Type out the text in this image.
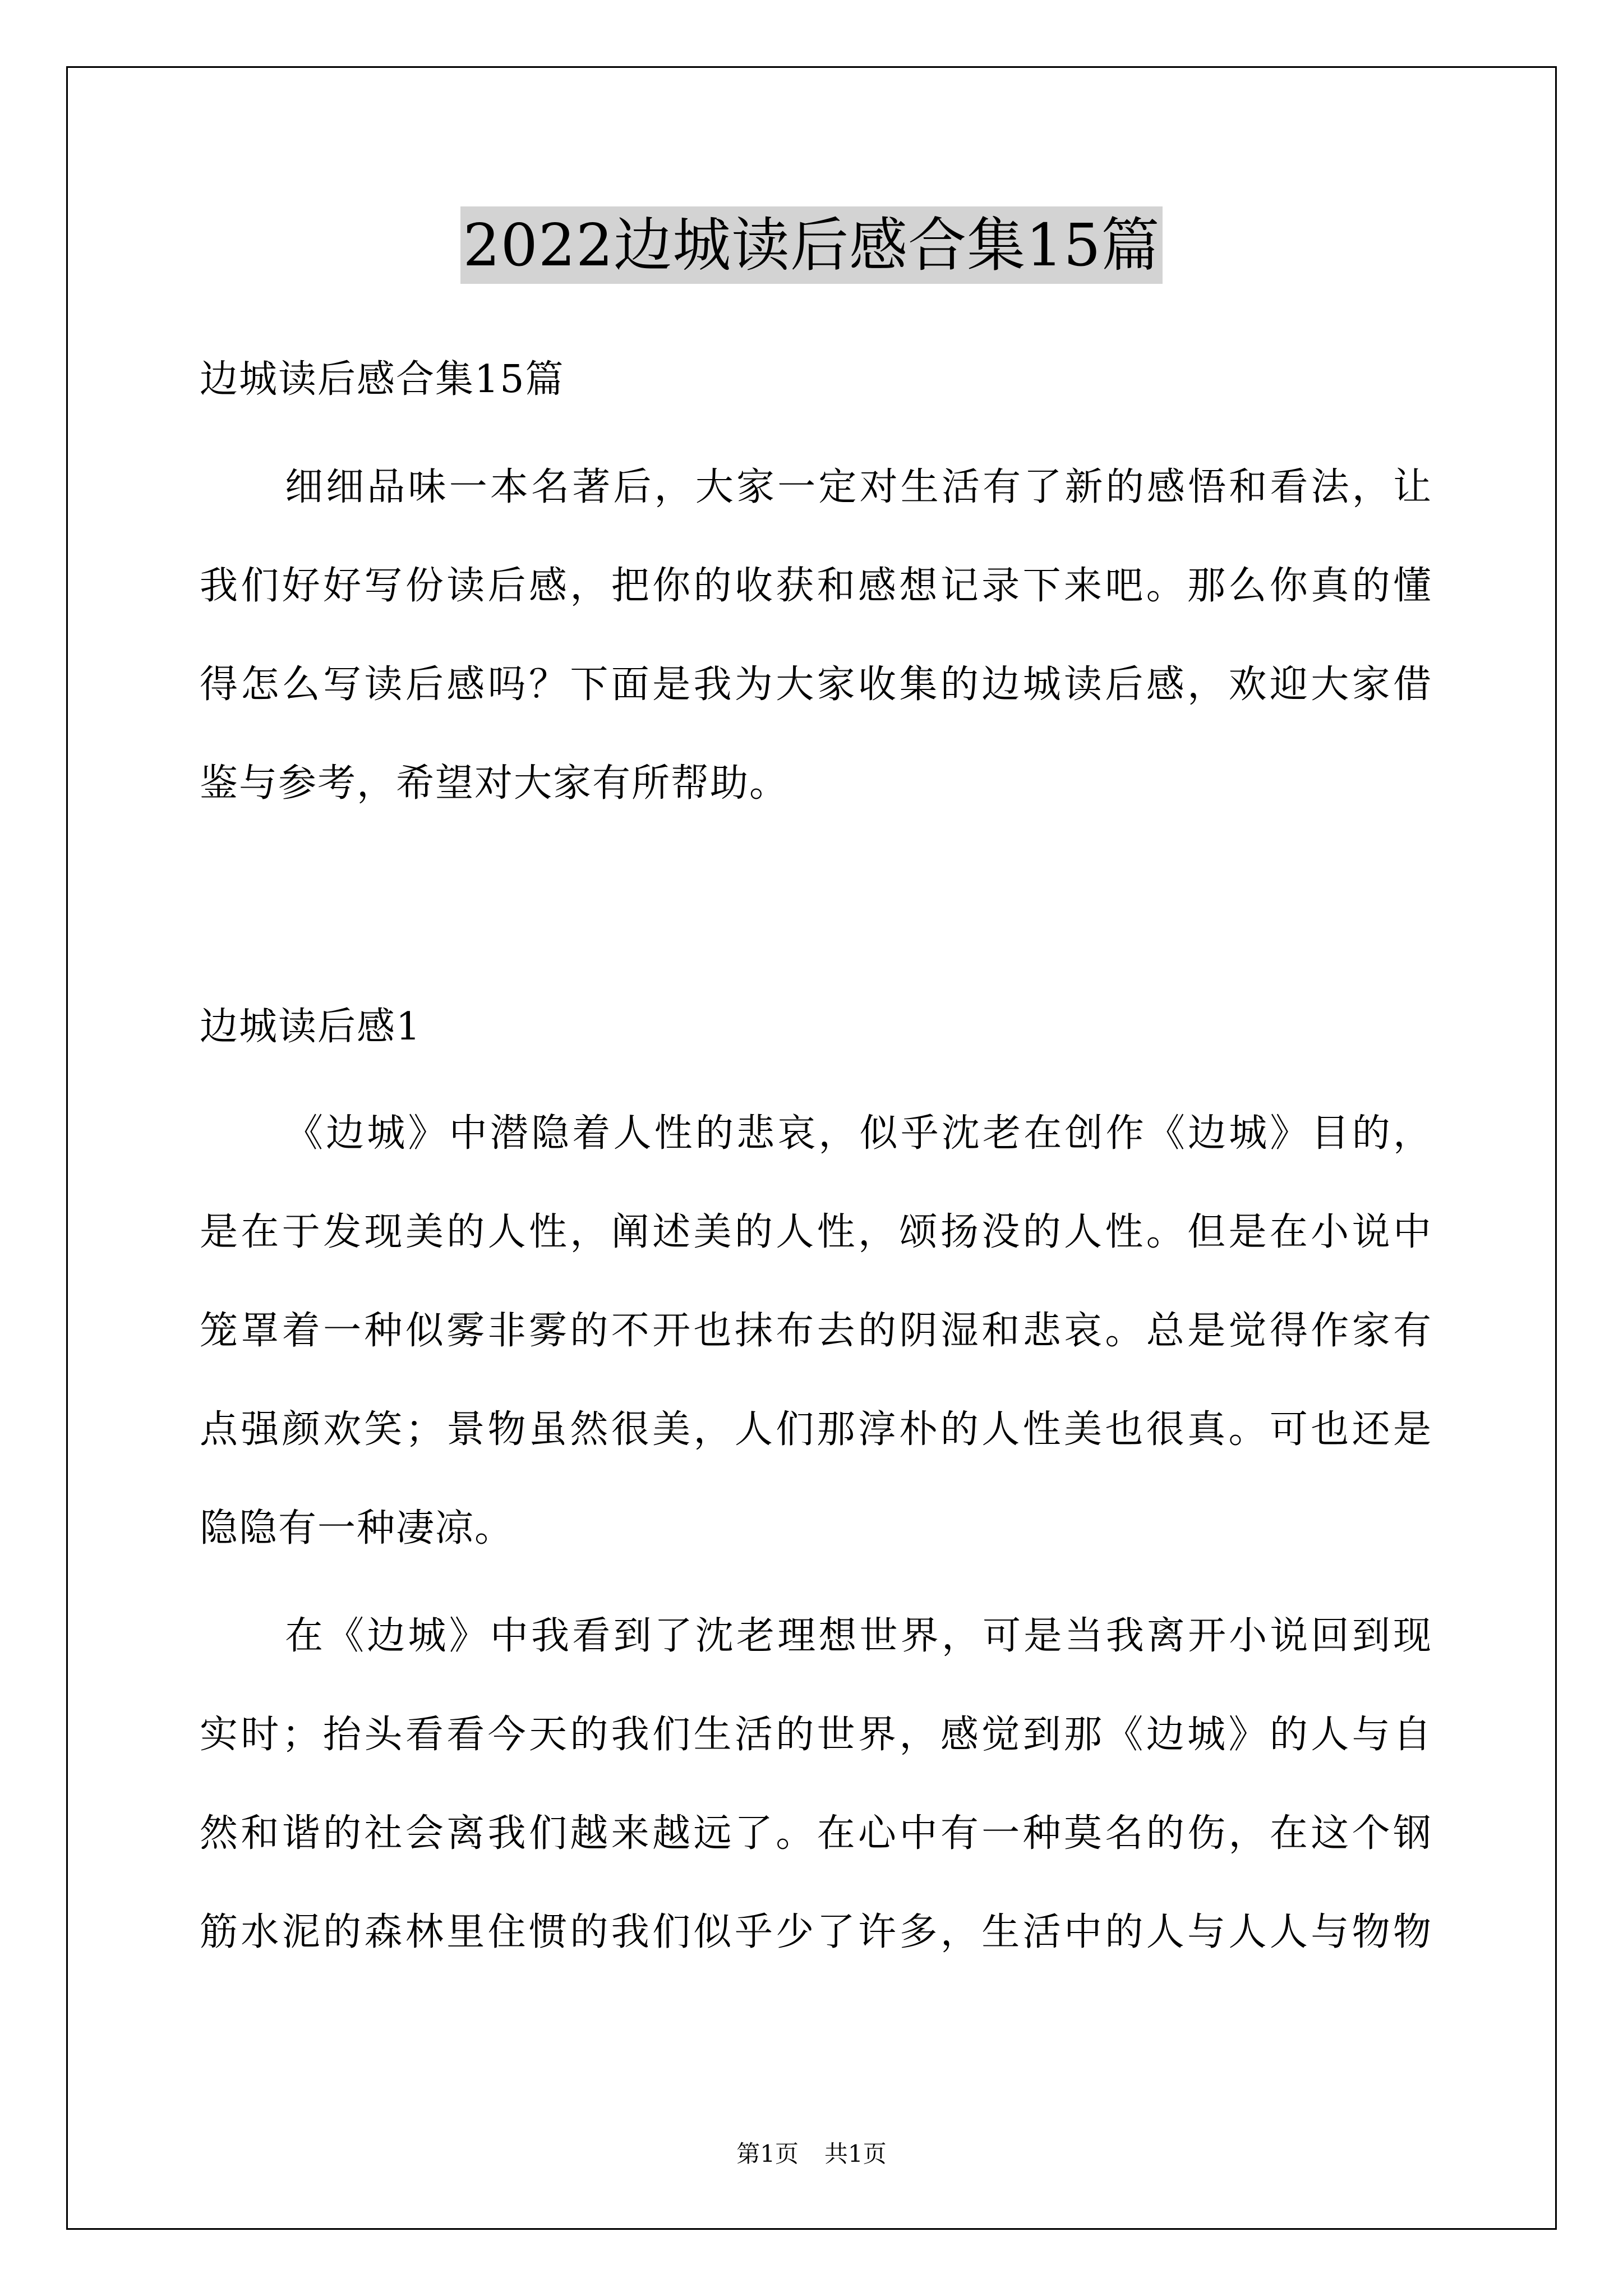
2022边城读后感合集15篇

边城读后感合集15篇

细细品味一本名著后，大家一定对生活有了新的感悟和看法，让

我们好好写份读后感，把你的收获和感想记录下来吧。那么你真的懂

得怎么写读后感吗？下面是我为大家收集的边城读后感，欢迎大家借

鉴与参考，希望对大家有所帮助。

边城读后感1

《边城》中潜隐着人性的悲哀，似乎沈老在创作《边城》目的，

是在于发现美的人性，阐述美的人性，颂扬没的人性。但是在小说中

笼罩着一种似雾非雾的不开也抹布去的阴湿和悲哀。总是觉得作家有

点强颜欢笑；景物虽然很美，人们那淳朴的人性美也很真。可也还是

隐隐有一种凄凉。

在《边城》中我看到了沈老理想世界，可是当我离开小说回到现

实时；抬头看看今天的我们生活的世界，感觉到那《边城》的人与自

然和谐的社会离我们越来越远了。在心中有一种莫名的伤，在这个钢

筋水泥的森林里住惯的我们似乎少了许多，生活中的人与人人与物物

第1页 共1页
